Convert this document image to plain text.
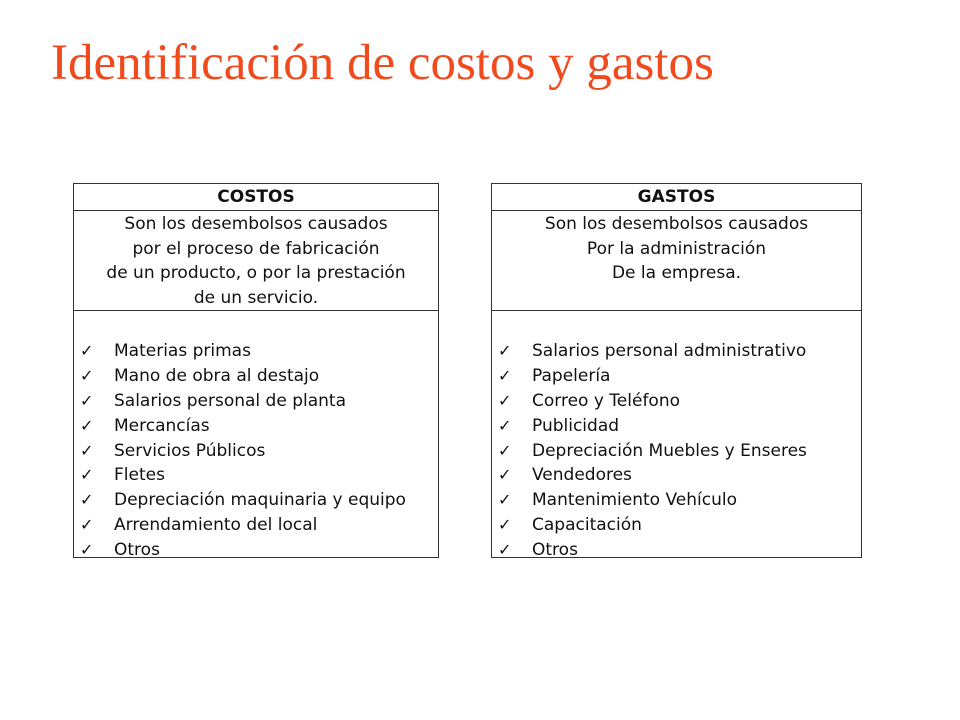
Identificación de costos y gastos
COSTOS
Son los desembolsos causados
por el proceso de fabricación
de un producto, o por la prestación
de un servicio.
✓	Materias primas
✓	Mano de obra al destajo
✓	Salarios personal de planta
✓	Mercancías
✓	Servicios Públicos
✓	Fletes
✓	Depreciación maquinaria y equipo
✓	Arrendamiento del local
✓	Otros
GASTOS
Son los desembolsos causados
Por la administración
De la empresa.
✓	Salarios personal administrativo
✓	Papelería
✓	Correo y Teléfono
✓	Publicidad
✓	Depreciación Muebles y Enseres
✓	Vendedores
✓	Mantenimiento Vehículo
✓	Capacitación
✓	Otros
